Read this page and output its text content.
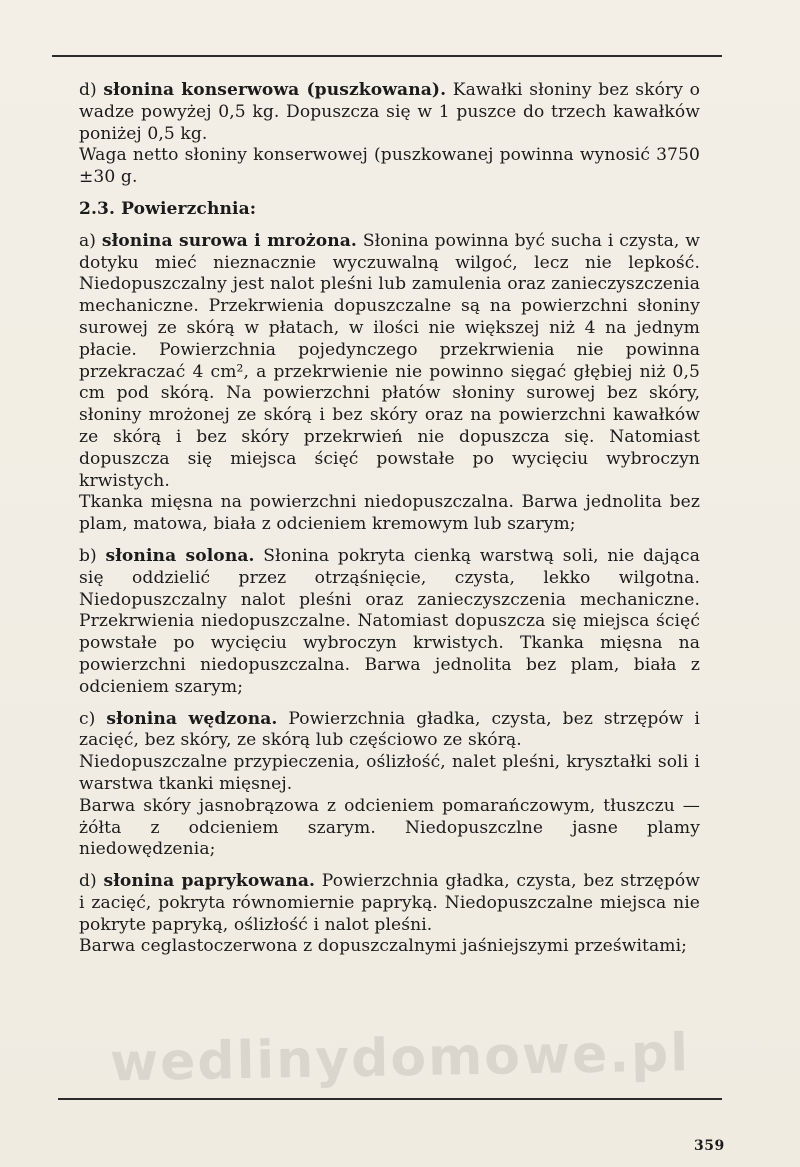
d) słonina konserwowa (puszkowana). Kawałki słoniny bez skóry o wadze powyżej 0,5 kg. Dopuszcza się w 1 puszce do trzech kawałków poniżej 0,5 kg.

Waga netto słoniny konserwowej (puszkowanej powinna wynosić 3750 ±30 g.

2.3. Powierzchnia:

a) słonina surowa i mrożona. Słonina powinna być sucha i czysta, w dotyku mieć nieznacznie wyczuwalną wilgoć, lecz nie lepkość. Niedopuszczalny jest nalot pleśni lub zamulenia oraz zanieczyszczenia mechaniczne. Przekrwienia dopuszczalne są na powierzchni słoniny surowej ze skórą w płatach, w ilości nie większej niż 4 na jednym płacie. Powierzchnia pojedynczego przekrwienia nie powinna przekraczać 4 cm², a przekrwienie nie powinno sięgać głębiej niż 0,5 cm pod skórą. Na powierzchni płatów słoniny surowej bez skóry, słoniny mrożonej ze skórą i bez skóry oraz na powierzchni kawałków ze skórą i bez skóry przekrwień nie dopuszcza się. Natomiast dopuszcza się miejsca ścięć powstałe po wycięciu wybroczyn krwistych.

Tkanka mięsna na powierzchni niedopuszczalna. Barwa jednolita bez plam, matowa, biała z odcieniem kremowym lub szarym;

b) słonina solona. Słonina pokryta cienką warstwą soli, nie dająca się oddzielić przez otrząśnięcie, czysta, lekko wilgotna. Niedopuszczalny nalot pleśni oraz zanieczyszczenia mechaniczne. Przekrwienia niedopuszczalne. Natomiast dopuszcza się miejsca ścięć powstałe po wycięciu wybroczyn krwistych. Tkanka mięsna na powierzchni niedopuszczalna. Barwa jednolita bez plam, biała z odcieniem szarym;

c) słonina wędzona. Powierzchnia gładka, czysta, bez strzępów i zacięć, bez skóry, ze skórą lub częściowo ze skórą.

Niedopuszczalne przypieczenia, oślizłość, nalet pleśni, kryształki soli i warstwa tkanki mięsnej.

Barwa skóry jasnobrązowa z odcieniem pomarańczowym, tłuszczu — żółta z odcieniem szarym. Niedopuszczlne jasne plamy niedowędzenia;

d) słonina paprykowana. Powierzchnia gładka, czysta, bez strzępów i zacięć, pokryta równomiernie papryką. Niedopuszczalne miejsca nie pokryte papryką, oślizłość i nalot pleśni.

Barwa ceglastoczerwona z dopuszczalnymi jaśniejszymi prześwitami;

wedlinydomowe.pl
359
